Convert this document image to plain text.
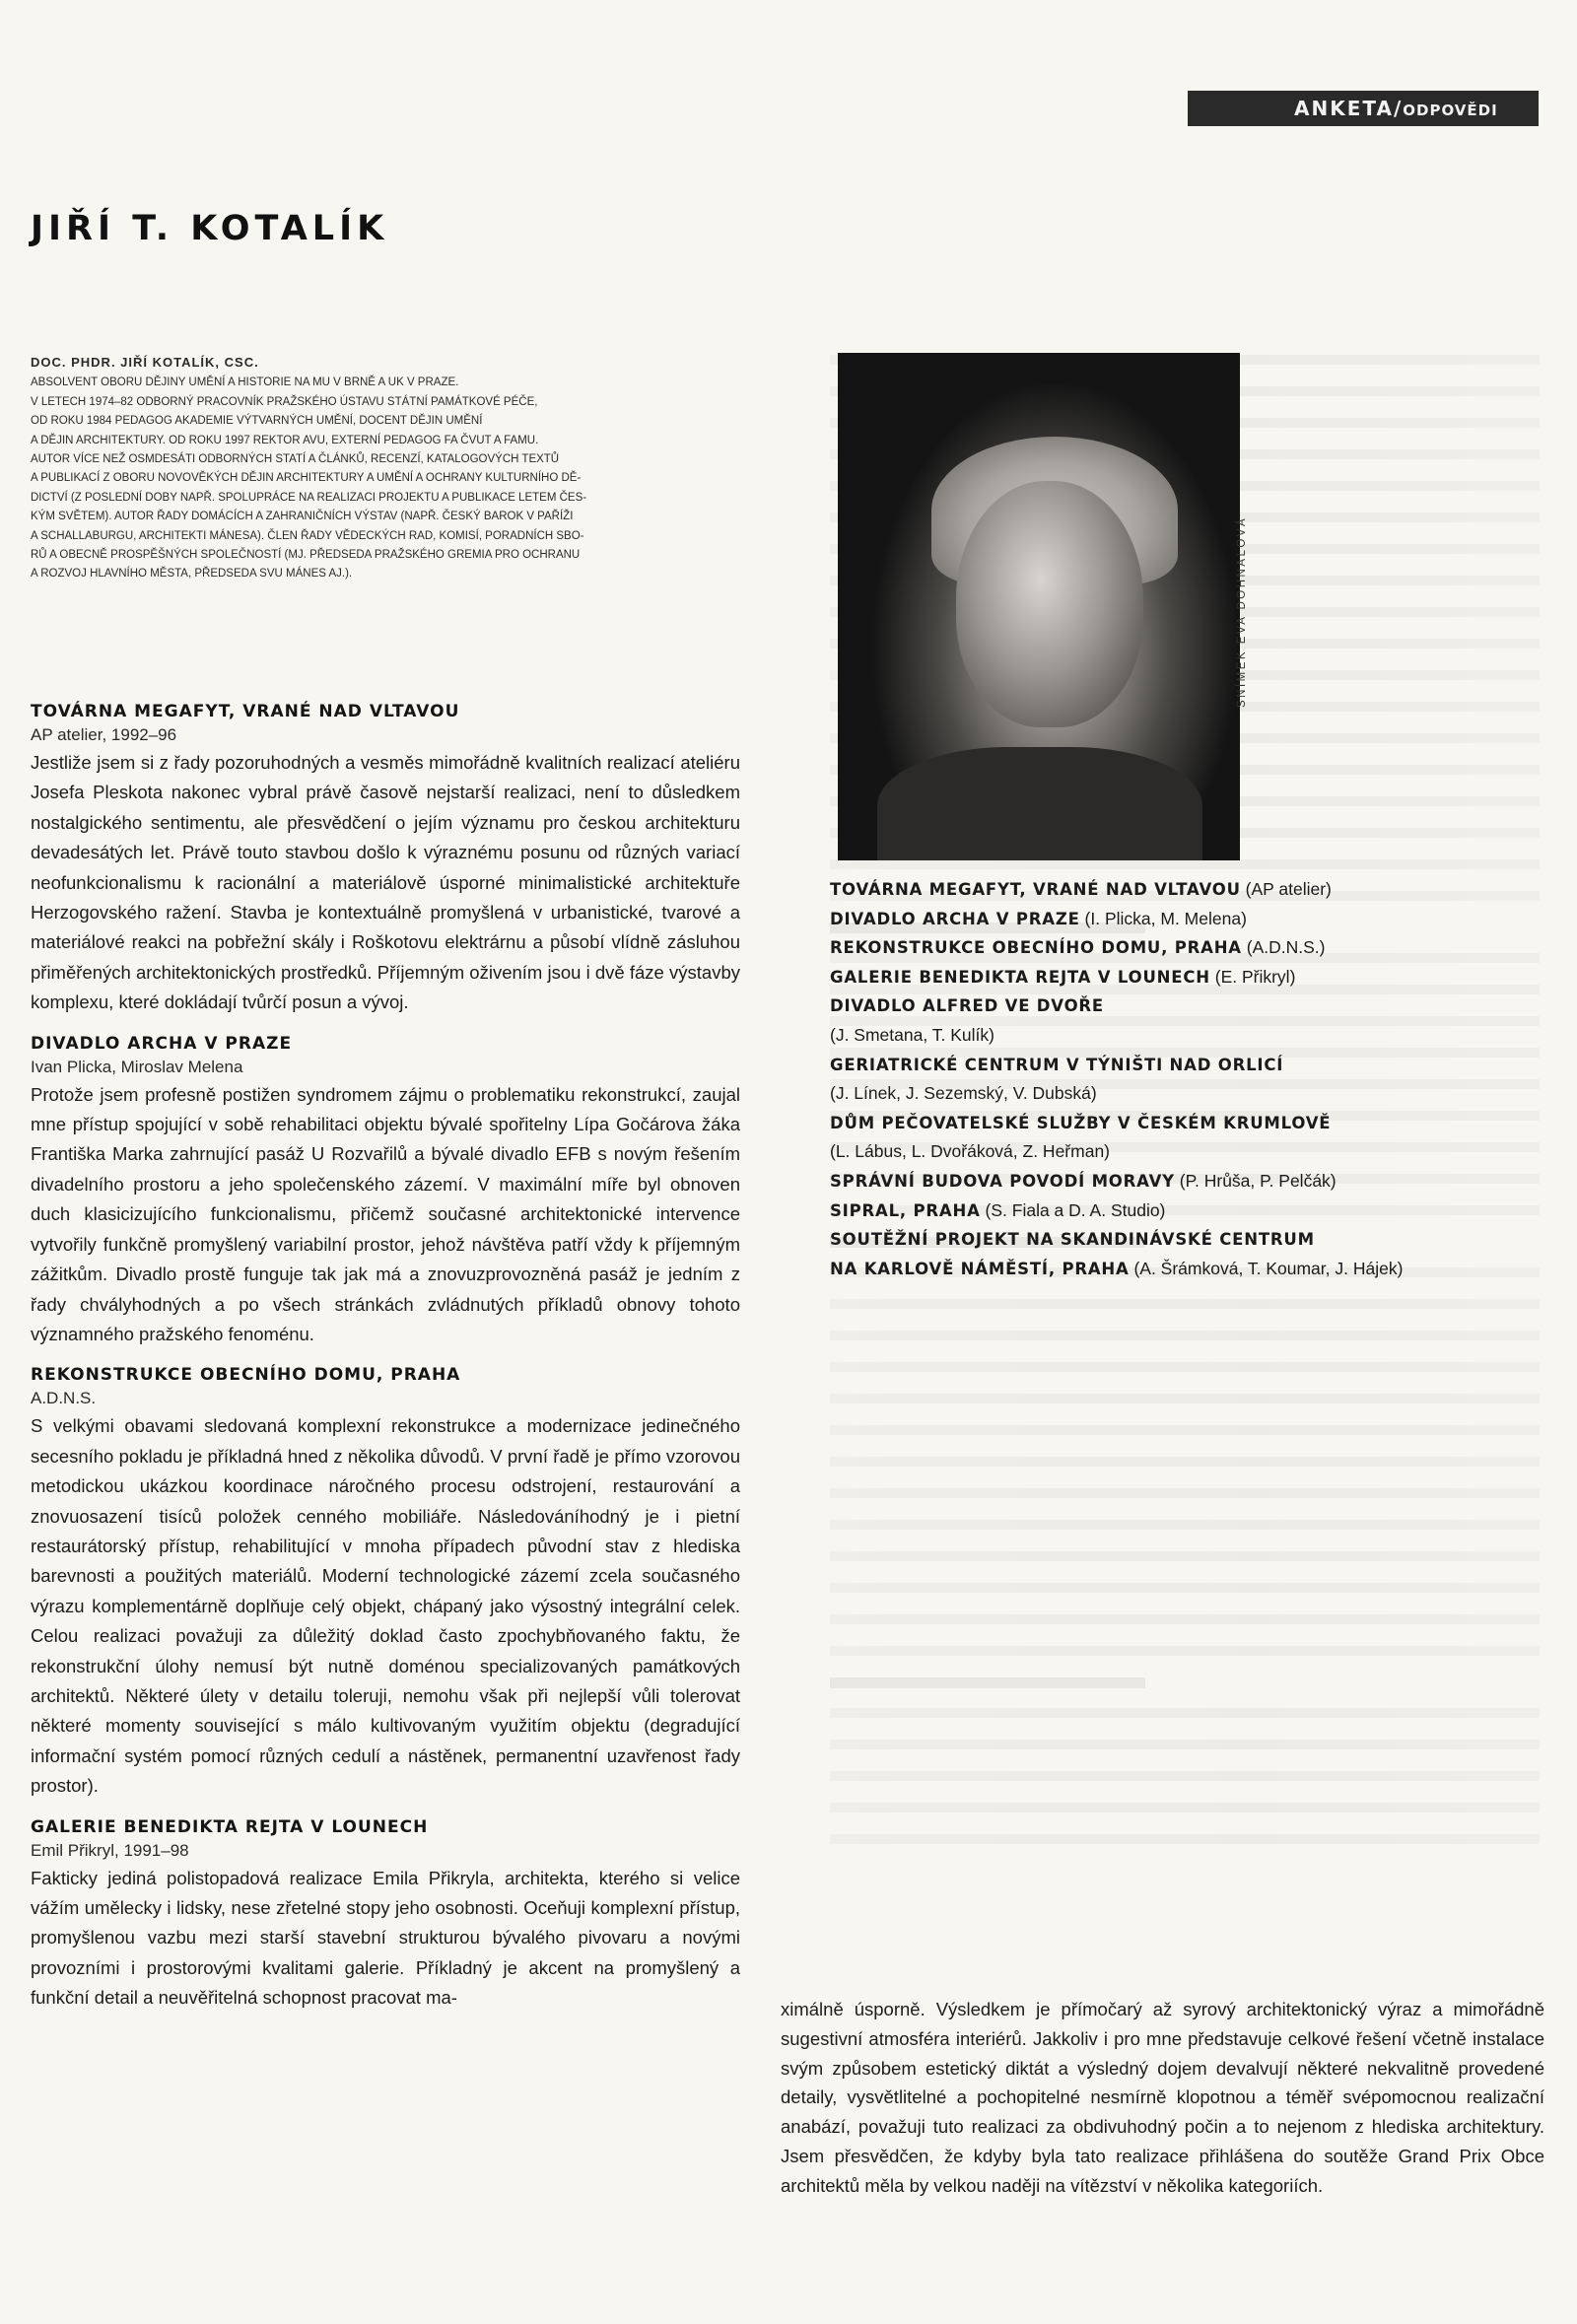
ANKETA/ODPOVĚDI
JIŘÍ T. KOTALÍK
DOC. PHDR. JIŘÍ KOTALÍK, CSC.

ABSOLVENT OBORU DĚJINY UMĚNÍ A HISTORIE NA MU V BRNĚ A UK V PRAZE.

V LETECH 1974–82 ODBORNÝ PRACOVNÍK PRAŽSKÉHO ÚSTAVU STÁTNÍ PAMÁTKOVÉ PÉČE,

OD ROKU 1984 PEDAGOG AKADEMIE VÝTVARNÝCH UMĚNÍ, DOCENT DĚJIN UMĚNÍ

A DĚJIN ARCHITEKTURY. OD ROKU 1997 REKTOR AVU, EXTERNÍ PEDAGOG FA ČVUT A FAMU.

AUTOR VÍCE NEŽ OSMDESÁTI ODBORNÝCH STATÍ A ČLÁNKŮ, RECENZÍ, KATALOGOVÝCH TEXTŮ

A PUBLIKACÍ Z OBORU NOVOVĚKÝCH DĚJIN ARCHITEKTURY A UMĚNÍ A OCHRANY KULTURNÍHO DĚ-

DICTVÍ (Z POSLEDNÍ DOBY NAPŘ. SPOLUPRÁCE NA REALIZACI PROJEKTU A PUBLIKACE LETEM ČES-

KÝM SVĚTEM). AUTOR ŘADY DOMÁCÍCH A ZAHRANIČNÍCH VÝSTAV (NAPŘ. ČESKÝ BAROK V PAŘÍŽI

A SCHALLABURGU, ARCHITEKTI MÁNESA). ČLEN ŘADY VĚDECKÝCH RAD, KOMISÍ, PORADNÍCH SBO-

RŮ A OBECNĚ PROSPĚŠNÝCH SPOLEČNOSTÍ (MJ. PŘEDSEDA PRAŽSKÉHO GREMIA PRO OCHRANU

A ROZVOJ HLAVNÍHO MĚSTA, PŘEDSEDA SVU MÁNES AJ.).

TOVÁRNA MEGAFYT, VRANÉ NAD VLTAVOU
AP atelier, 1992–96

Jestliže jsem si z řady pozoruhodných a vesměs mimořádně kvalitních realizací ateliéru Josefa Pleskota nakonec vybral právě časově nejstarší realizaci, není to důsledkem nostalgického sentimentu, ale přesvědčení o jejím významu pro českou architekturu devadesátých let. Právě touto stavbou došlo k výraznému posunu od různých variací neofunkcionalismu k racionální a materiálově úsporné minimalistické architektuře Herzogovského ražení. Stavba je kontextuálně promyšlená v urbanistické, tvarové a materiálové reakci na pobřežní skály i Roškotovu elektrárnu a působí vlídně zásluhou přiměřených architektonických prostředků. Příjemným oživením jsou i dvě fáze výstavby komplexu, které dokládají tvůrčí posun a vývoj.

DIVADLO ARCHA V PRAZE
Ivan Plicka, Miroslav Melena

Protože jsem profesně postižen syndromem zájmu o problematiku rekonstrukcí, zaujal mne přístup spojující v sobě rehabilitaci objektu bývalé spořitelny Lípa Gočárova žáka Františka Marka zahrnující pasáž U Rozvařilů a bývalé divadlo EFB s novým řešením divadelního prostoru a jeho společenského zázemí. V maximální míře byl obnoven duch klasicizujícího funkcionalismu, přičemž současné architektonické intervence vytvořily funkčně promyšlený variabilní prostor, jehož návštěva patří vždy k příjemným zážitkům. Divadlo prostě funguje tak jak má a znovuzprovozněná pasáž je jedním z řady chvályhodných a po všech stránkách zvládnutých příkladů obnovy tohoto významného pražského fenoménu.

REKONSTRUKCE OBECNÍHO DOMU, PRAHA
A.D.N.S.

S velkými obavami sledovaná komplexní rekonstrukce a modernizace jedinečného secesního pokladu je příkladná hned z několika důvodů. V první řadě je přímo vzorovou metodickou ukázkou koordinace náročného procesu odstrojení, restaurování a znovuosazení tisíců položek cenného mobiliáře. Následováníhodný je i pietní restaurátorský přístup, rehabilitující v mnoha případech původní stav z hlediska barevnosti a použitých materiálů. Moderní technologické zázemí zcela současného výrazu komplementárně doplňuje celý objekt, chápaný jako výsostný integrální celek. Celou realizaci považuji za důležitý doklad často zpochybňovaného faktu, že rekonstrukční úlohy nemusí být nutně doménou specializovaných památkových architektů. Některé úlety v detailu toleruji, nemohu však při nejlepší vůli tolerovat některé momenty související s málo kultivovaným využitím objektu (degradující informační systém pomocí různých cedulí a nástěnek, permanentní uzavřenost řady prostor).

GALERIE BENEDIKTA REJTA V LOUNECH
Emil Přikryl, 1991–98

Fakticky jediná polistopadová realizace Emila Přikryla, architekta, kterého si velice vážím umělecky i lidsky, nese zřetelné stopy jeho osobnosti. Oceňuji komplexní přístup, promyšlenou vazbu mezi starší stavební strukturou bývalého pivovaru a novými provozními i prostorovými kvalitami galerie. Příkladný je akcent na promyšlený a funkční detail a neuvěřitelná schopnost pracovat ma-

SNÍMEK EVA DOHNALOVÁ
TOVÁRNA MEGAFYT, VRANÉ NAD VLTAVOU (AP atelier)
DIVADLO ARCHA V PRAZE (I. Plicka, M. Melena)
REKONSTRUKCE OBECNÍHO DOMU, PRAHA (A.D.N.S.)
GALERIE BENEDIKTA REJTA V LOUNECH (E. Přikryl)
DIVADLO ALFRED VE DVOŘE
(J. Smetana, T. Kulík)
GERIATRICKÉ CENTRUM V TÝNIŠTI NAD ORLICÍ
(J. Línek, J. Sezemský, V. Dubská)
DŮM PEČOVATELSKÉ SLUŽBY V ČESKÉM KRUMLOVĚ
(L. Lábus, L. Dvořáková, Z. Heřman)
SPRÁVNÍ BUDOVA POVODÍ MORAVY (P. Hrůša, P. Pelčák)
SIPRAL, PRAHA (S. Fiala a D. A. Studio)
SOUTĚŽNÍ PROJEKT NA SKANDINÁVSKÉ CENTRUM
NA KARLOVĚ NÁMĚSTÍ, PRAHA (A. Šrámková, T. Koumar, J. Hájek)

ximálně úsporně. Výsledkem je přímočarý až syrový architektonický výraz a mimořádně sugestivní atmosféra interiérů. Jakkoliv i pro mne představuje celkové řešení včetně instalace svým způsobem estetický diktát a výsledný dojem devalvují některé nekvalitně provedené detaily, vysvětlitelné a pochopitelné nesmírně klopotnou a téměř svépomocnou realizační anabází, považuji tuto realizaci za obdivuhodný počin a to nejenom z hlediska architektury. Jsem přesvědčen, že kdyby byla tato realizace přihlášena do soutěže Grand Prix Obce architektů měla by velkou naději na vítězství v několika kategoriích.
